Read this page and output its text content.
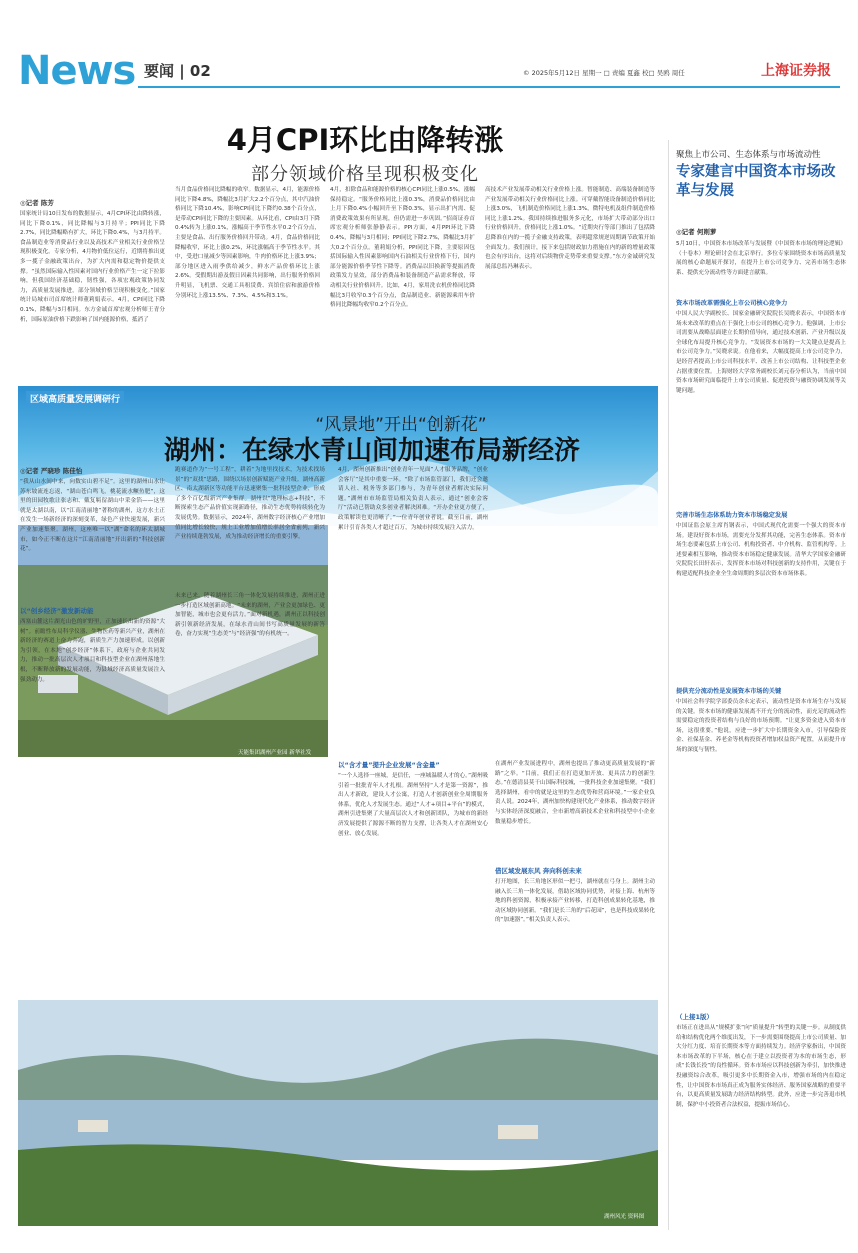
News 要闻 | 02	© 2025年5月12日 星期一 □ 责编 夏鑫 校□ 吴鸥 周任	上海证券报
4月CPI环比由降转涨
部分领域价格呈现积极变化
◎记者 陈芳
国家统计局10日发布的数据显示，4月CPI环比由降转涨，同比下降0.1%，同比降幅与3月持平；PPI同比下降2.7%，同比降幅略有扩大，环比下降0.4%，与3月持平。食品制造业等消费品行业以及高技术产业相关行业价格呈现积极变化。专家分析，4月物价低位运行，近期将推出更多一揽子金融政策出台，为扩大内需和稳定物价提供支撑。“虽然国际输入性因素对国内行业价格产生一定下拉影响，但我国经济基础稳，韧性强，各项宏观政策协同发力，高质量发展推进，部分领域价格呈现积极变化。”国家统计局城市司首席统计师董莉娟表示。4月，CPI同比下降0.1%，降幅与3月相同。东方金诚首席宏观分析师王青分析，国际原油价格下跌影响了国内能源价格，抵消了
当月食品价格同比降幅的收窄。数据显示，4月，能源价格同比下降4.8%，降幅比3月扩大2.2个百分点，其中汽油价格同比下降10.4%，影响CPI同比下降约0.38个百分点，是带动CPI同比下降的主要因素。从环比看，CPI由3月下降0.4%转为上涨0.1%，涨幅高于季节性水平0.2个百分点，主要是食品、出行服务价格回升带动。4月，食品价格同比降幅收窄，环比上涨0.2%，环比涨幅高于季节性水平。其中，受进口量减少等因素影响，牛肉价格环比上涨3.9%；部分地区进入雨季供给减少，鲜水产品价格环比上涨2.6%。受假期出游及假日因素共同影响，出行服务价格回升明显，飞机票、交通工具租赁费、宾馆住宿和旅游价格分别环比上涨13.5%、7.3%、4.5%和3.1%。
4月，扣除食品和能源价格的核心CPI同比上涨0.5%，涨幅保持稳定。“服务价格同比上涨0.3%，消费品价格同比由上月下降0.4%小幅回升至下降0.3%，显示出扩内需、促消费政策效果有所显现，但仍需进一步巩固。”招商证券首席宏观分析师张静静表示。PPI方面，4月PPI环比下降0.4%，降幅与3月相同；PPI同比下降2.7%，降幅比3月扩大0.2个百分点。董莉娟分析，PPI同比下降，主要原因包括国际输入性因素影响国内石油相关行业价格下行，国内部分能源价格季节性下降等。消费品以旧换新等提振消费政策发力显效，部分消费品和装备制造产品需求释放，带动相关行业价格回升。比如，4月，家用洗衣机价格同比降幅比3月收窄0.3个百分点，食品制造业、新能源乘用车价格同比降幅均收窄0.2个百分点。
高技术产业发展带动相关行业价格上涨。智能制造、高端装备制造等产业发展带动相关行业价格同比上涨。可穿戴智能设备制造价格同比上涨3.0%，飞机制造价格同比上涨1.3%，微特电机及组件制造价格同比上涨1.2%。我国持续推进服务多元化，市场扩大带动部分出口行业价格回升，价格同比上涨1.0%。“近期央行等部门推出了包括降息降准在内的一揽子金融支持政策，表明超常规逆周期调节政策开始全面发力。我们预计，接下来包括财政加力措施在内的新的增量政策也会有序出台，这将对后续物价走势带来重要支撑。”东方金诚研究发展部总监冯琳表示。
聚焦上市公司、生态体系与市场流动性
专家建言中国资本市场改革与发展
◎记者 何则萝
5月10日，中国资本市场改革与发展暨《中国资本市场的理论逻辑》（十卷本）理论研讨会在北京举行。多位专家围绕资本市场高质量发展的核心命题展开探讨，在提升上市公司竞争力、完善市场生态体系、提供充分流动性等方面建言献策。
资本市场改革需强化上市公司核心竞争力
中国人民大学副校长、国家金融研究院院长吴晓求表示，中国资本市场未来改革的重点在于强化上市公司的核心竞争力。他强调，上市公司需要从战略层面建立长期价值导向，通过技术创新、产业升级以及全球化布局提升核心竞争力。“发展资本市场的一大关键点是提高上市公司竞争力。”吴晓求说。在他看来，大幅度提高上市公司竞争力，是经营者提高上市公司科技水平、改善上市公司结构、让科技型企业占据重要位置。上海财经大学常务副校长刘元春分析认为，当前中国资本市场研究面临提升上市公司质量、促进投资与融资协调发展等关键问题。
完善市场生态体系助力资本市场稳定发展
中国证监会原主席肖钢表示，中国式现代化需要一个强大的资本市场。建设好资本市场，需要充分发挥其功能，完善生态体系。资本市场生态要素包括上市公司、机构投资者、中介机构、监管机构等。上述要素相互影响，推动资本市场稳定健康发展。清华大学国家金融研究院院长田轩表示，发挥资本市场对科技创新的支持作用，关键在于构建适配科技企业全生命周期的多层次资本市场体系。
提供充分流动性是发展资本市场的关键
中国社会科学院学部委员余永定表示，流动性是资本市场生存与发展的关键。资本市场的健康发展离不开充分的流动性，而充足的流动性需要稳定的投资者结构与良好的市场预期。“让更多资金进入资本市场，这很重要。”他说，应进一步扩大中长期资金入市，引导保险资金、社保基金、养老金等机构投资者增加权益资产配置，从而提升市场的深度与韧性。
（上接1版）
市场正在进出从“规模扩张”向“质量提升”转型的关键一步。从制度供给和结构优化两个维度出发，下一步需要围绕提高上市公司质量、加大分红力度、培育长期资本等方面持续发力。经济学家指出，中国资本市场改革的下半场，核心在于建立以投资者为本的市场生态，形成“长钱长投”的良性循环。资本市场应以科技创新为牵引，加快推进投融资综合改革，吸引更多中长期资金入市，增强市场的内在稳定性，让中国资本市场真正成为服务实体经济、服务国家战略的重要平台，以更高质量发展助力经济结构转型。此外，应进一步完善退市机制，保护中小投资者合法权益，提振市场信心。
区域高质量发展调研行
“风景地”开出“创新花”
湖州：在绿水青山间加速布局新经济
天能集团湖州产业园 新华社发
◎记者 严晓珍 陈佳怡
“我从山水间中来，向数实山碧不足”。这里的湖州山水让苏东坡流连忘返，“湖山苍白鸣飞，桃花流水鳜鱼肥”，这里的田园牧歌让张志和、戴复羁留湖山中采金箔——这里就是太湖以南，以“江南清丽地”著称的湖州，这方水土正在发生一场新经济的深刻变革，绿色产业快速发展，新兴产业加速集聚。湖州，这座唯一以“湖”命名的环太湖城市，如今正不断在这片“江南清丽地”开出新的“科技创新花”。
以“创乡经济”激发新动能
西塞山麓这片湖光山色的旷野里，正加速长出新的资源“大树”。前瞻性布局科学仪器、生物医药等新兴产业，湖州在新经济的赛道上奋力奔跑，新质生产力加速形成。以创新为引领，在本地“创乡经济”体系下，政府与企业共同发力，推动一批高层次人才项目和科技型企业在湖州落地生根，不断释放新的发展动能，为县域经济高质量发展注入强劲动力。
跑赛道作为“一号工程”，耕着“为地里找技术，为技术找场景”的“双找”思路，围绕以场景创新赋能产业升级。湖州高新区、南太湖新区等功能平台迅速聚集一批科技型企业，形成了多个百亿级新兴产业集群。湖州以“地理标志+科技”，不断探索生态产品价值实现新路径，推动生态优势持续转化为发展优势。数据显示，2024年，湖州数字经济核心产业增加值同比增长较快，规上工业增加值增长率居全省前列，新兴产业持续蓬勃发展，成为推动经济增长的重要引擎。
以“含才量”提升企业发展“含金量”
“一个人选择一座城，是信任，一座城温暖人才的心。”湖州吸引着一批批青年人才扎根。湖州坚持“人才是第一资源”，推出人才新政，建设人才公寓，打造人才创新创业全周期服务体系，优化人才发展生态。通过“人才+项目+平台”的模式，湖州引进集聚了大量高层次人才和创新团队，为城市的新经济发展提供了源源不断的智力支撑，让各类人才在湖州安心创业、放心发展。
4月，湖州创新推出“创业青年一见面”人才服务品牌，“创业会客厅”是其中重要一环。“除了市场监管部门，我们还会邀请人社、税务等多部门参与，为青年创业者解决实际问题。”湖州市市场监管局相关负责人表示，通过“创业会客厅”活动已帮助众多创业者解决困难。“开办企业更方便了，政策解读也更清晰了。”一位青年创业者说。截至目前，湖州累计引育各类人才超过百万，为城市持续发展注入活力。
借区域发展东风 奔向科创未来
打开地图，长三角地区形似一把弓，湖州就在弓身上。湖州主动融入长三角一体化发展，借助区域协同优势，对接上海、杭州等地的科创资源，积极承接产业转移，打造科创成果转化基地，推动区域协同创新。“我们是长三角的“后花园”，也是科技成果转化的“加速器”。”相关负责人表示。
在湖州产业发展进程中，湖州也提出了推动更高质量发展的“新路”之举。“目前，我们正在打造更加开放、更具活力的创新生态。”在德清县莫干山国际科技城，一批科技企业加速集聚。“我们选择湖州，看中的就是这里的生态优势和营商环境。”一家企业负责人说。2024年，湖州加快构建现代化产业体系，推动数字经济与实体经济深度融合，全市新增高新技术企业和科技型中小企业数量稳步增长。
未来已来。随着湖州长三角一体化发展持续推进，湖州正进一步打造区域创新高地。“未来的湖州，产业会更加绿色、更加智能，城市也会更有活力。”面对新机遇，湖州正以科技创新引领新经济发展，在绿水青山间书写高质量发展的新答卷，奋力实现“生态美”与“经济强”的有机统一。
湖州风光 资料图
